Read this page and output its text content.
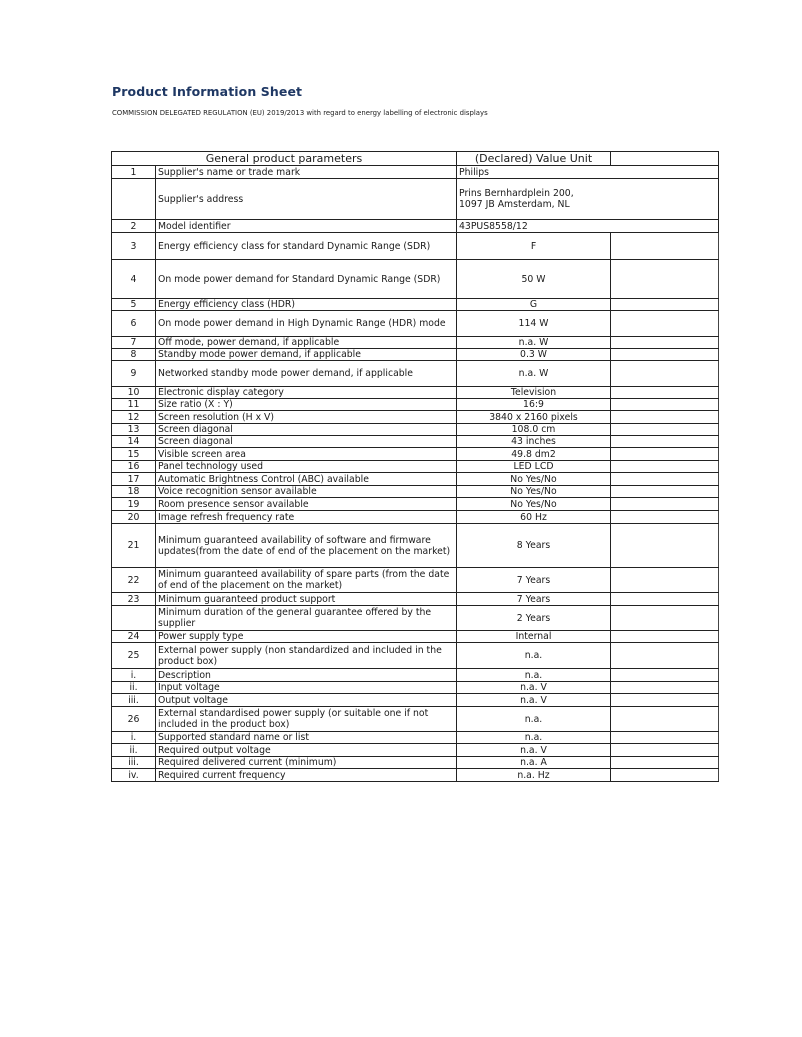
Product Information Sheet
COMMISSION DELEGATED REGULATION (EU) 2019/2013 with regard to energy labelling of electronic displays
General product parameters		(Declared) Value Unit	
1	Supplier's name or trade mark	Philips	
	Supplier's address	Prins Bernhardplein 200,
1097 JB Amsterdam, NL	
2	Model identifier	43PUS8558/12	
3	Energy efficiency class for standard Dynamic Range (SDR)	F	
4	On mode power demand for Standard Dynamic Range (SDR)	50 W	
5	Energy efficiency class (HDR)	G	
6	On mode power demand in High Dynamic Range (HDR) mode	114 W	
7	Off mode, power demand, if applicable	n.a. W	
8	Standby mode power demand, if applicable	0.3 W	
9	Networked standby mode power demand, if applicable	n.a. W	
10	Electronic display category	Television	
11	Size ratio (X : Y)	16:9	
12	Screen resolution (H x V)	3840 x 2160 pixels	
13	Screen diagonal	108.0 cm	
14	Screen diagonal	43 inches	
15	Visible screen area	49.8 dm2	
16	Panel technology used	LED LCD	
17	Automatic Brightness Control (ABC) available	No Yes/No	
18	Voice recognition sensor available	No Yes/No	
19	Room presence sensor available	No Yes/No	
20	Image refresh frequency rate	60 Hz	
21	Minimum guaranteed availability of software and firmware updates(from the date of end of the placement on the market)	8 Years	
22	Minimum guaranteed availability of spare parts (from the date of end of the placement on the market)	7 Years	
23	Minimum guaranteed product support	7 Years	
	Minimum duration of the general guarantee offered by the supplier	2 Years	
24	Power supply type	Internal	
25	External power supply (non standardized and included in the product box)	n.a.	
i.	Description	n.a.	
ii.	Input voltage	n.a. V	
iii.	Output voltage	n.a. V	
26	External standardised power supply (or suitable one if not included in the product box)	n.a.	
i.	Supported standard name or list	n.a.	
ii.	Required output voltage	n.a. V	
iii.	Required delivered current (minimum)	n.a. A	
iv.	Required current frequency	n.a. Hz	
